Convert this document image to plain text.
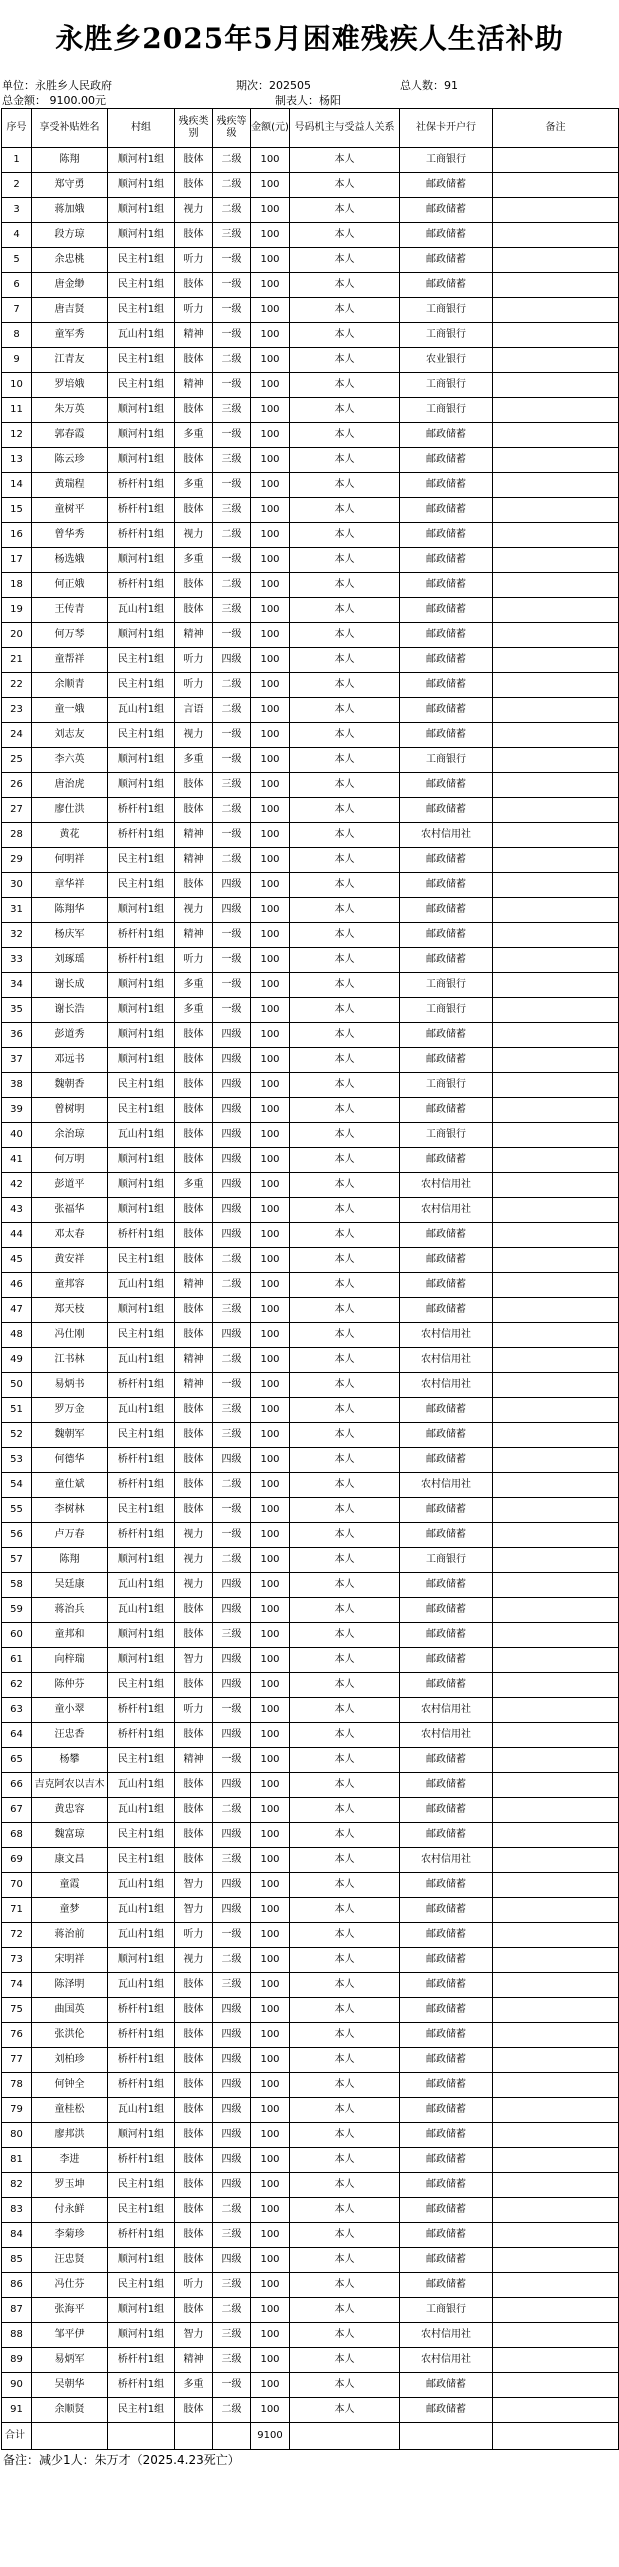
永胜乡2025年5月困难残疾人生活补助
单位：永胜乡人民政府	期次：202505	总人数：91
总金额： 9100.00元	制表人：杨阳
序号	享受补贴姓名	村组	残疾类别	残疾等级	金额(元)	号码机主与受益人关系	社保卡开户行	备注
1	陈翔	顺河村1组	肢体	二级	100	本人	工商银行	
2	郑守勇	顺河村1组	肢体	二级	100	本人	邮政储蓄	
3	蒋加娥	顺河村1组	视力	二级	100	本人	邮政储蓄	
4	段方琼	顺河村1组	肢体	三级	100	本人	邮政储蓄	
5	余忠桃	民主村1组	听力	一级	100	本人	邮政储蓄	
6	唐金缈	民主村1组	肢体	一级	100	本人	邮政储蓄	
7	唐吉贤	民主村1组	听力	一级	100	本人	工商银行	
8	童军秀	瓦山村1组	精神	一级	100	本人	工商银行	
9	江青友	民主村1组	肢体	二级	100	本人	农业银行	
10	罗培娥	民主村1组	精神	一级	100	本人	工商银行	
11	朱万英	顺河村1组	肢体	三级	100	本人	工商银行	
12	郭春霞	顺河村1组	多重	一级	100	本人	邮政储蓄	
13	陈云珍	顺河村1组	肢体	三级	100	本人	邮政储蓄	
14	黄瑞程	桥杆村1组	多重	一级	100	本人	邮政储蓄	
15	童树平	桥杆村1组	肢体	三级	100	本人	邮政储蓄	
16	曾华秀	桥杆村1组	视力	二级	100	本人	邮政储蓄	
17	杨选娥	顺河村1组	多重	一级	100	本人	邮政储蓄	
18	何正娥	桥杆村1组	肢体	二级	100	本人	邮政储蓄	
19	王传青	瓦山村1组	肢体	三级	100	本人	邮政储蓄	
20	何万琴	顺河村1组	精神	一级	100	本人	邮政储蓄	
21	童帮祥	民主村1组	听力	四级	100	本人	邮政储蓄	
22	余顺青	民主村1组	听力	二级	100	本人	邮政储蓄	
23	童一娥	瓦山村1组	言语	二级	100	本人	邮政储蓄	
24	刘志友	民主村1组	视力	一级	100	本人	邮政储蓄	
25	李六英	顺河村1组	多重	一级	100	本人	工商银行	
26	唐治虎	顺河村1组	肢体	三级	100	本人	邮政储蓄	
27	廖仕洪	桥杆村1组	肢体	二级	100	本人	邮政储蓄	
28	黄花	桥杆村1组	精神	一级	100	本人	农村信用社	
29	何明祥	民主村1组	精神	二级	100	本人	邮政储蓄	
30	章华祥	民主村1组	肢体	四级	100	本人	邮政储蓄	
31	陈翔华	顺河村1组	视力	四级	100	本人	邮政储蓄	
32	杨庆军	桥杆村1组	精神	一级	100	本人	邮政储蓄	
33	刘琢瑶	桥杆村1组	听力	一级	100	本人	邮政储蓄	
34	谢长成	顺河村1组	多重	一级	100	本人	工商银行	
35	谢长浩	顺河村1组	多重	一级	100	本人	工商银行	
36	彭道秀	顺河村1组	肢体	四级	100	本人	邮政储蓄	
37	邓远书	顺河村1组	肢体	四级	100	本人	邮政储蓄	
38	魏朝香	民主村1组	肢体	四级	100	本人	工商银行	
39	曾树明	民主村1组	肢体	四级	100	本人	邮政储蓄	
40	余治琼	瓦山村1组	肢体	四级	100	本人	工商银行	
41	何万明	顺河村1组	肢体	四级	100	本人	邮政储蓄	
42	彭道平	顺河村1组	多重	四级	100	本人	农村信用社	
43	张福华	顺河村1组	肢体	四级	100	本人	农村信用社	
44	邓太春	桥杆村1组	肢体	四级	100	本人	邮政储蓄	
45	黄安祥	民主村1组	肢体	二级	100	本人	邮政储蓄	
46	童邦容	瓦山村1组	精神	二级	100	本人	邮政储蓄	
47	郑天枝	顺河村1组	肢体	三级	100	本人	邮政储蓄	
48	冯仕刚	民主村1组	肢体	四级	100	本人	农村信用社	
49	江书林	瓦山村1组	精神	二级	100	本人	农村信用社	
50	易炳书	桥杆村1组	精神	一级	100	本人	农村信用社	
51	罗万金	瓦山村1组	肢体	三级	100	本人	邮政储蓄	
52	魏朝军	民主村1组	肢体	三级	100	本人	邮政储蓄	
53	何德华	桥杆村1组	肢体	四级	100	本人	邮政储蓄	
54	童仕斌	桥杆村1组	肢体	二级	100	本人	农村信用社	
55	李树林	民主村1组	肢体	一级	100	本人	邮政储蓄	
56	卢万春	桥杆村1组	视力	一级	100	本人	邮政储蓄	
57	陈翔	顺河村1组	视力	二级	100	本人	工商银行	
58	吴廷康	瓦山村1组	视力	四级	100	本人	邮政储蓄	
59	蒋治兵	瓦山村1组	肢体	四级	100	本人	邮政储蓄	
60	童邦和	顺河村1组	肢体	三级	100	本人	邮政储蓄	
61	向梓瑞	顺河村1组	智力	四级	100	本人	邮政储蓄	
62	陈仲芬	民主村1组	肢体	四级	100	本人	邮政储蓄	
63	童小翠	桥杆村1组	听力	一级	100	本人	农村信用社	
64	汪忠香	桥杆村1组	肢体	四级	100	本人	农村信用社	
65	杨攀	民主村1组	精神	一级	100	本人	邮政储蓄	
66	吉克阿农以吉木	瓦山村1组	肢体	四级	100	本人	邮政储蓄	
67	黄忠容	瓦山村1组	肢体	二级	100	本人	邮政储蓄	
68	魏富琼	民主村1组	肢体	四级	100	本人	邮政储蓄	
69	康文昌	民主村1组	肢体	三级	100	本人	农村信用社	
70	童霞	瓦山村1组	智力	四级	100	本人	邮政储蓄	
71	童梦	瓦山村1组	智力	四级	100	本人	邮政储蓄	
72	蒋治前	瓦山村1组	听力	一级	100	本人	邮政储蓄	
73	宋明祥	顺河村1组	视力	二级	100	本人	邮政储蓄	
74	陈泽明	瓦山村1组	肢体	三级	100	本人	邮政储蓄	
75	曲国英	桥杆村1组	肢体	四级	100	本人	邮政储蓄	
76	张洪伦	桥杆村1组	肢体	四级	100	本人	邮政储蓄	
77	刘柏珍	桥杆村1组	肢体	四级	100	本人	邮政储蓄	
78	何钟全	桥杆村1组	肢体	四级	100	本人	邮政储蓄	
79	童桂松	瓦山村1组	肢体	四级	100	本人	邮政储蓄	
80	廖邦洪	顺河村1组	肢体	四级	100	本人	邮政储蓄	
81	李进	桥杆村1组	肢体	四级	100	本人	邮政储蓄	
82	罗玉坤	民主村1组	肢体	四级	100	本人	邮政储蓄	
83	付永鲜	民主村1组	肢体	二级	100	本人	邮政储蓄	
84	李菊珍	桥杆村1组	肢体	三级	100	本人	邮政储蓄	
85	汪忠贤	顺河村1组	肢体	四级	100	本人	邮政储蓄	
86	冯仕芬	民主村1组	听力	三级	100	本人	邮政储蓄	
87	张海平	顺河村1组	肢体	二级	100	本人	工商银行	
88	邹平伊	顺河村1组	智力	三级	100	本人	农村信用社	
89	易炳军	桥杆村1组	精神	三级	100	本人	农村信用社	
90	吴朝华	桥杆村1组	多重	一级	100	本人	邮政储蓄	
91	余顺贤	民主村1组	肢体	二级	100	本人	邮政储蓄	
合计					9100			
备注：减少1人：朱万才（2025.4.23死亡）
